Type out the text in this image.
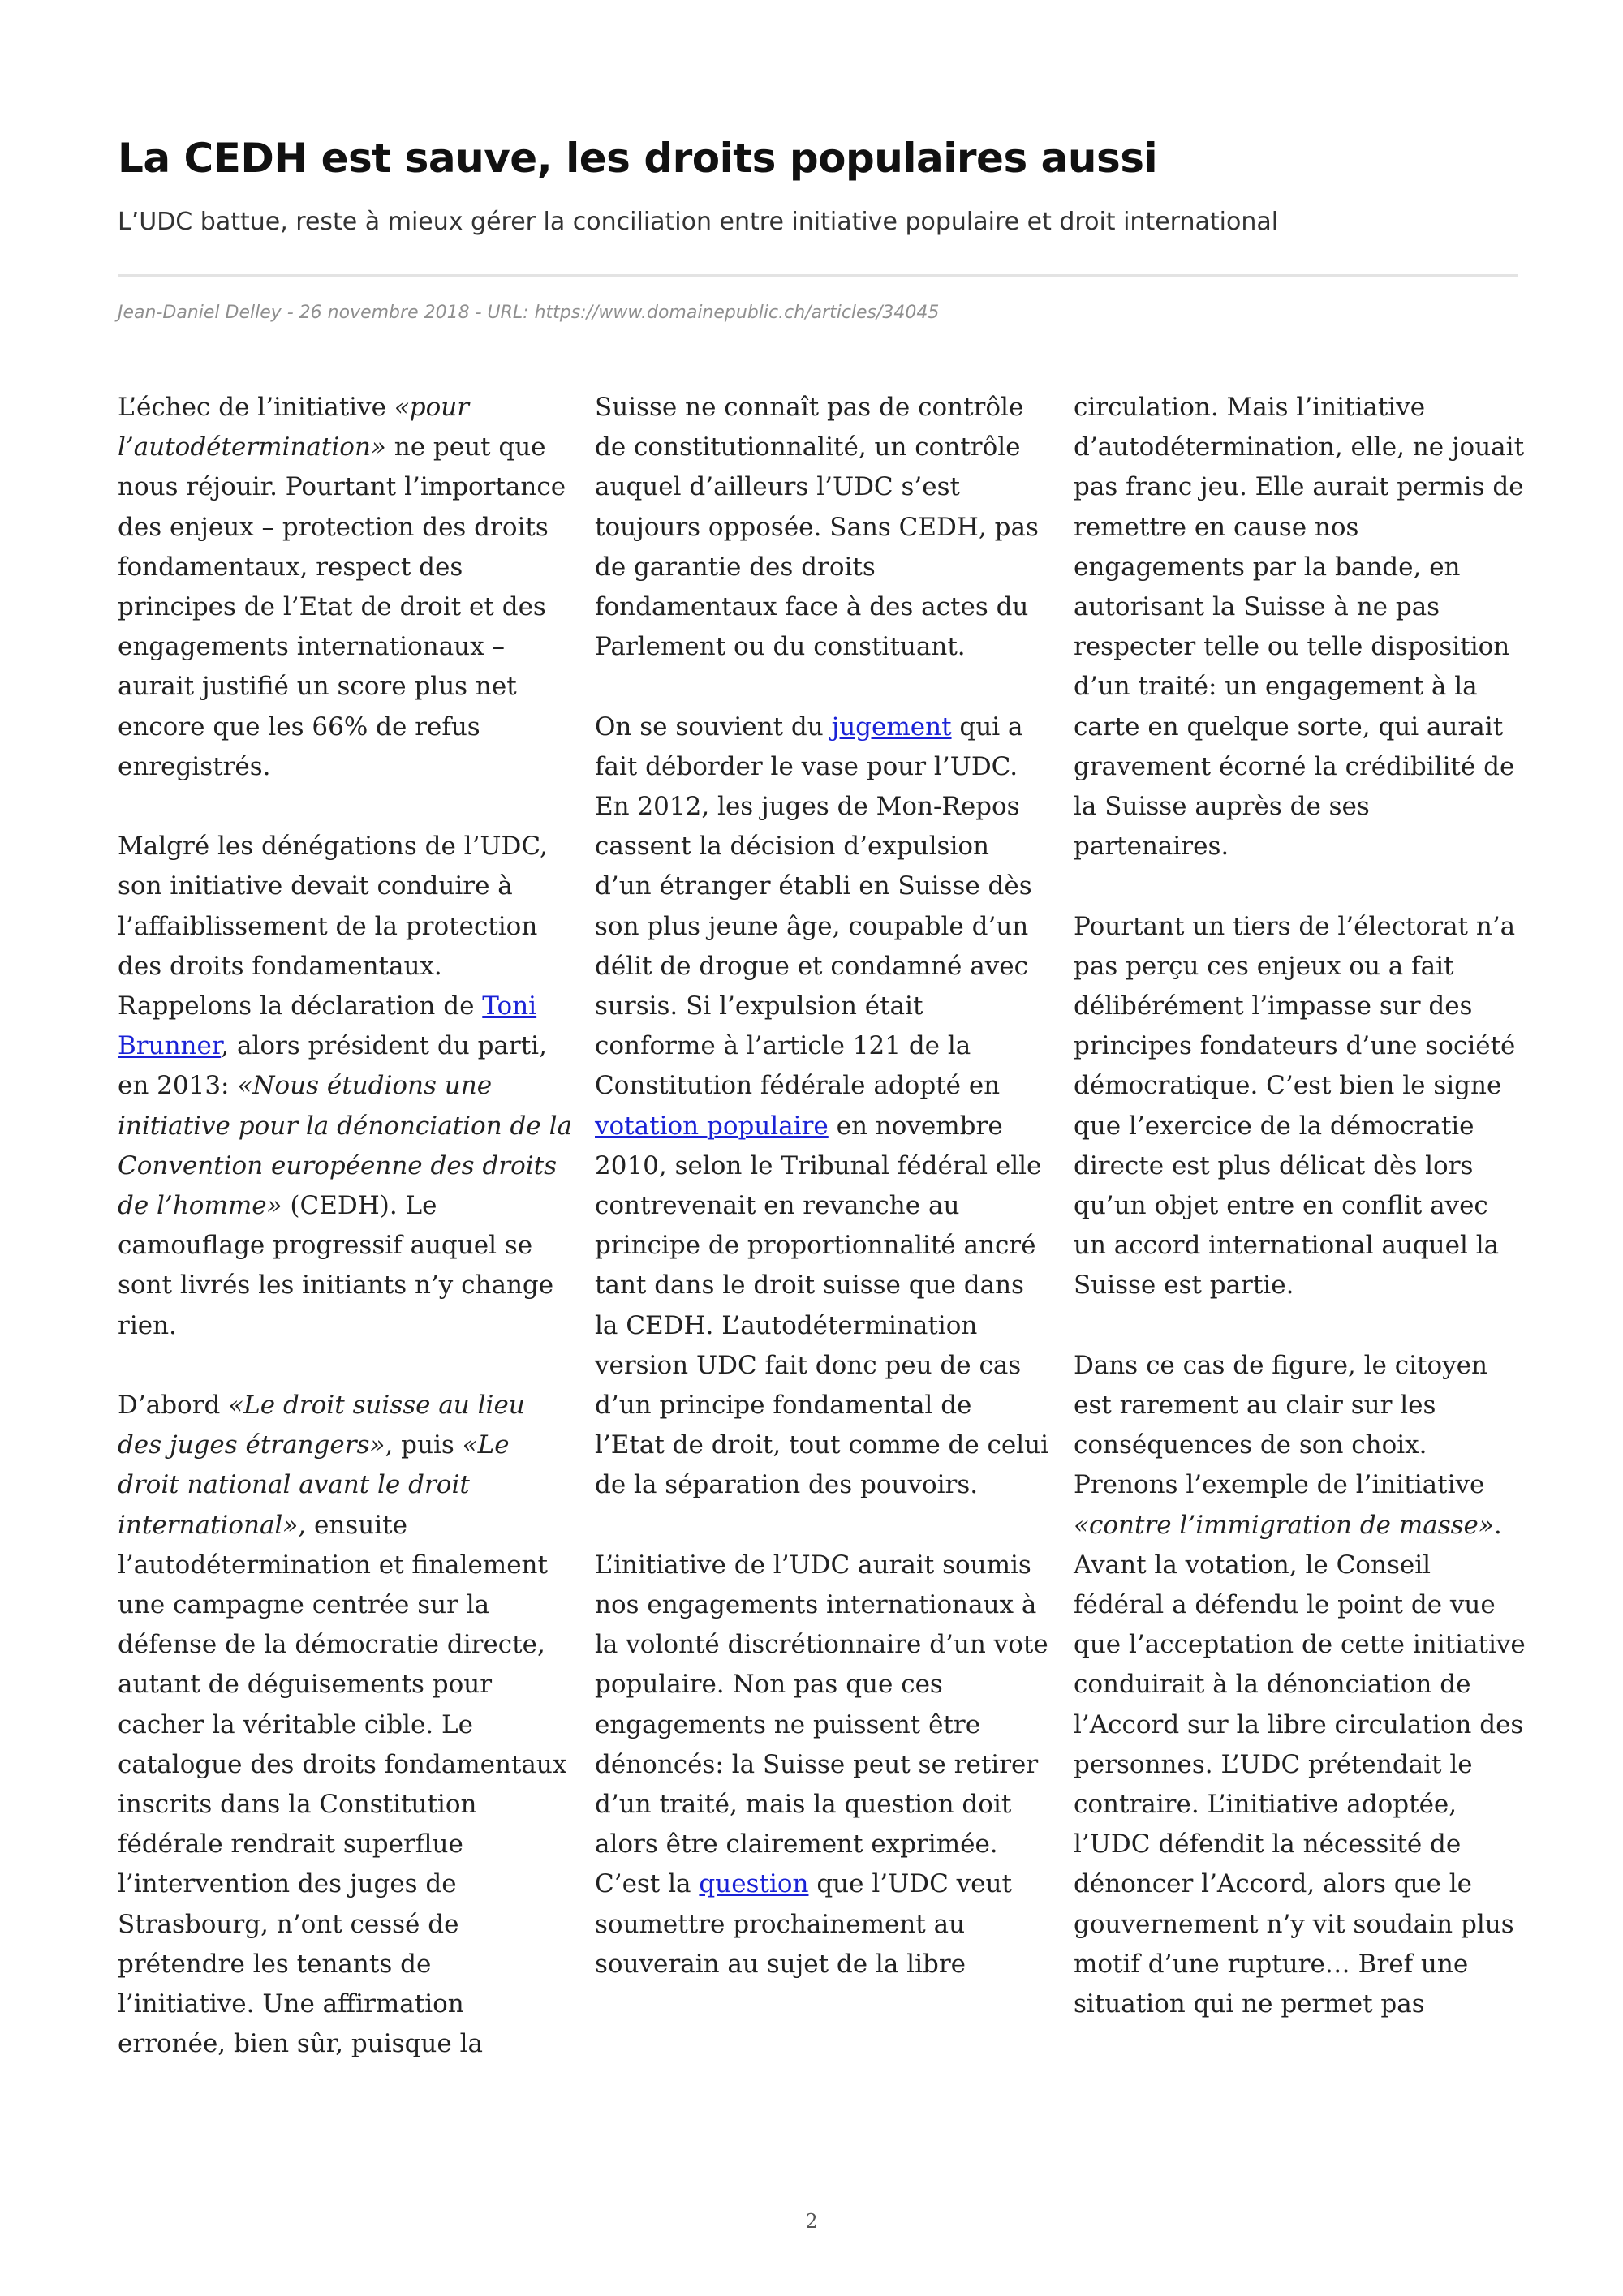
La CEDH est sauve, les droits populaires aussi
L’UDC battue, reste à mieux gérer la conciliation entre initiative populaire et droit international
Jean-Daniel Delley - 26 novembre 2018 - URL: https://www.domainepublic.ch/articles/34045

L’échec de l’initiative «pour l’autodétermination» ne peut que nous réjouir. Pourtant l’importance des enjeux – protection des droits fondamentaux, respect des principes de l’Etat de droit et des engagements internationaux – aurait justifié un score plus net encore que les 66% de refus enregistrés.

Malgré les dénégations de l’UDC, son initiative devait conduire à l’affaiblissement de la protection des droits fondamentaux. Rappelons la déclaration de Toni Brunner, alors président du parti, en 2013: «Nous étudions une initiative pour la dénonciation de la Convention européenne des droits de l’homme» (CEDH). Le camouflage progressif auquel se sont livrés les initiants n’y change rien.

D’abord «Le droit suisse au lieu des juges étrangers», puis «Le droit national avant le droit international», ensuite l’autodétermination et finalement une campagne centrée sur la défense de la démocratie directe, autant de déguisements pour cacher la véritable cible. Le catalogue des droits fondamentaux inscrits dans la Constitution fédérale rendrait superflue l’intervention des juges de Strasbourg, n’ont cessé de prétendre les tenants de l’initiative. Une affirmation erronée, bien sûr, puisque la

Suisse ne connaît pas de contrôle de constitutionnalité, un contrôle auquel d’ailleurs l’UDC s’est toujours opposée. Sans CEDH, pas de garantie des droits fondamentaux face à des actes du Parlement ou du constituant.

On se souvient du jugement qui a fait déborder le vase pour l’UDC. En 2012, les juges de Mon-Repos cassent la décision d’expulsion d’un étranger établi en Suisse dès son plus jeune âge, coupable d’un délit de drogue et condamné avec sursis. Si l’expulsion était conforme à l’article 121 de la Constitution fédérale adopté en votation populaire en novembre 2010, selon le Tribunal fédéral elle contrevenait en revanche au principe de proportionnalité ancré tant dans le droit suisse que dans la CEDH. L’autodétermination version UDC fait donc peu de cas d’un principe fondamental de l’Etat de droit, tout comme de celui de la séparation des pouvoirs.

L’initiative de l’UDC aurait soumis nos engagements internationaux à la volonté discrétionnaire d’un vote populaire. Non pas que ces engagements ne puissent être dénoncés: la Suisse peut se retirer d’un traité, mais la question doit alors être clairement exprimée. C’est la question que l’UDC veut soumettre prochainement au souverain au sujet de la libre

circulation. Mais l’initiative d’autodétermination, elle, ne jouait pas franc jeu. Elle aurait permis de remettre en cause nos engagements par la bande, en autorisant la Suisse à ne pas respecter telle ou telle disposition d’un traité: un engagement à la carte en quelque sorte, qui aurait gravement écorné la crédibilité de la Suisse auprès de ses partenaires.

Pourtant un tiers de l’électorat n’a pas perçu ces enjeux ou a fait délibérément l’impasse sur des principes fondateurs d’une société démocratique. C’est bien le signe que l’exercice de la démocratie directe est plus délicat dès lors qu’un objet entre en conflit avec un accord international auquel la Suisse est partie.

Dans ce cas de figure, le citoyen est rarement au clair sur les conséquences de son choix. Prenons l’exemple de l’initiative «contre l’immigration de masse». Avant la votation, le Conseil fédéral a défendu le point de vue que l’acceptation de cette initiative conduirait à la dénonciation de l’Accord sur la libre circulation des personnes. L’UDC prétendait le contraire. L’initiative adoptée, l’UDC défendit la nécessité de dénoncer l’Accord, alors que le gouvernement n’y vit soudain plus motif d’une rupture… Bref une situation qui ne permet pas

2
